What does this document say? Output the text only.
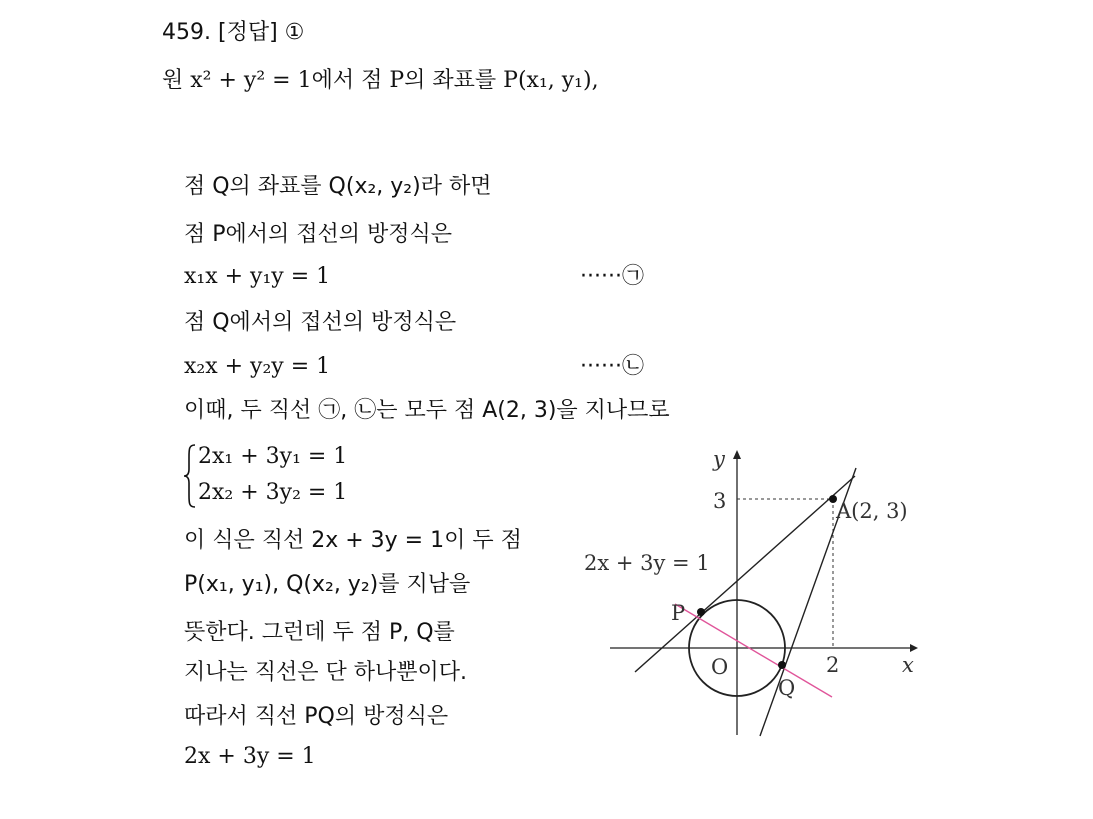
459. [정답] ①
원 x² + y² = 1에서 점 P의 좌표를 P(x₁, y₁),
점 Q의 좌표를 Q(x₂, y₂)라 하면
점 P에서의 접선의 방정식은
x₁x + y₁y = 1	······㉠
점 Q에서의 접선의 방정식은
x₂x + y₂y = 1	······㉡
이때, 두 직선 ㉠, ㉡는 모두 점 A(2, 3)을 지나므로
2x₁ + 3y₁ = 1
2x₂ + 3y₂ = 1
이 식은 직선 2x + 3y = 1이 두 점
P(x₁, y₁), Q(x₂, y₂)를 지남을
뜻한다. 그런데 두 점 P, Q를
지나는 직선은 단 하나뿐이다.
따라서 직선 PQ의 방정식은
2x + 3y = 1
x
y
O
3
2
A(2, 3)
P
Q
2x + 3y = 1
